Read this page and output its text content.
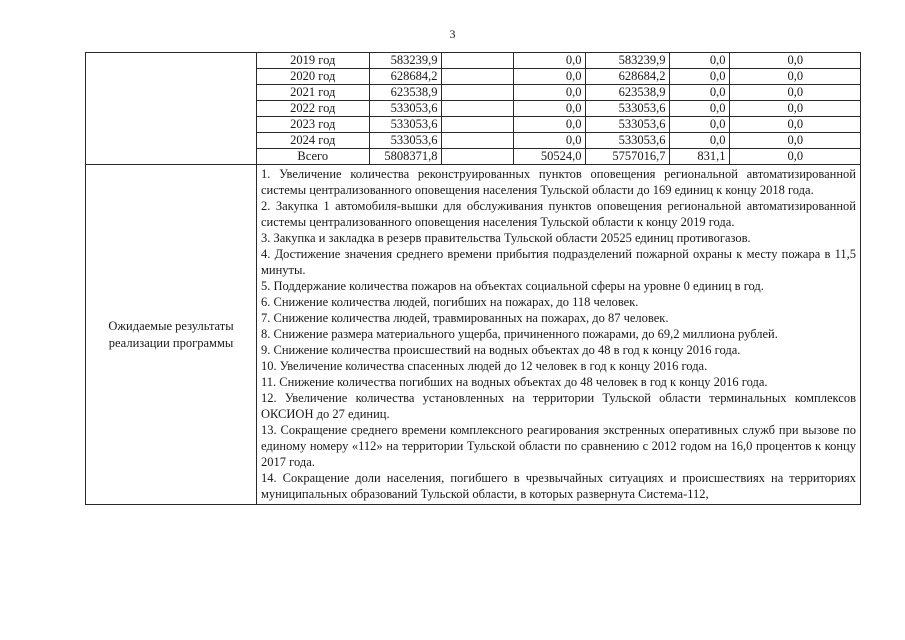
3

2019 год	583239,9		0,0	583239,9	0,0	0,0
2020 год	628684,2		0,0	628684,2	0,0	0,0
2021 год	623538,9		0,0	623538,9	0,0	0,0
2022 год	533053,6		0,0	533053,6	0,0	0,0
2023 год	533053,6		0,0	533053,6	0,0	0,0
2024 год	533053,6		0,0	533053,6	0,0	0,0
Всего	5808371,8		50524,0	5757016,7	831,1	0,0

Ожидаемые результаты реализации программы	

1. Увеличение количества реконструированных пунктов оповещения региональной автоматизированной системы централизованного оповещения населения Тульской области до 169 единиц к концу 2018 года.

2. Закупка 1 автомобиля-вышки для обслуживания пунктов оповещения региональной автоматизированной системы централизованного оповещения населения Тульской области к концу 2019 года.

3. Закупка и закладка в резерв правительства Тульской области 20525 единиц противогазов.

4. Достижение значения среднего времени прибытия подразделений пожарной охраны к месту пожара в 11,5 минуты.

5. Поддержание количества пожаров на объектах социальной сферы на уровне 0 единиц в год.

6. Снижение количества людей, погибших на пожарах, до 118 человек.

7. Снижение количества людей, травмированных на пожарах, до 87 человек.

8. Снижение размера материального ущерба, причиненного пожарами, до 69,2 миллиона рублей.

9. Снижение количества происшествий на водных объектах до 48 в год к концу 2016 года.

10. Увеличение количества спасенных людей до 12 человек в год к концу 2016 года.

11. Снижение количества погибших на водных объектах до 48 человек в год к концу 2016 года.

12. Увеличение количества установленных на территории Тульской области терминальных комплексов ОКСИОН до 27 единиц.

13. Сокращение среднего времени комплексного реагирования экстренных оперативных служб при вызове по единому номеру «112» на территории Тульской области по сравнению с 2012 годом на 16,0 процентов к концу 2017 года.

14. Сокращение доли населения, погибшего в чрезвычайных ситуациях и происшествиях на территориях муниципальных образований Тульской области, в которых развернута Система-112,
